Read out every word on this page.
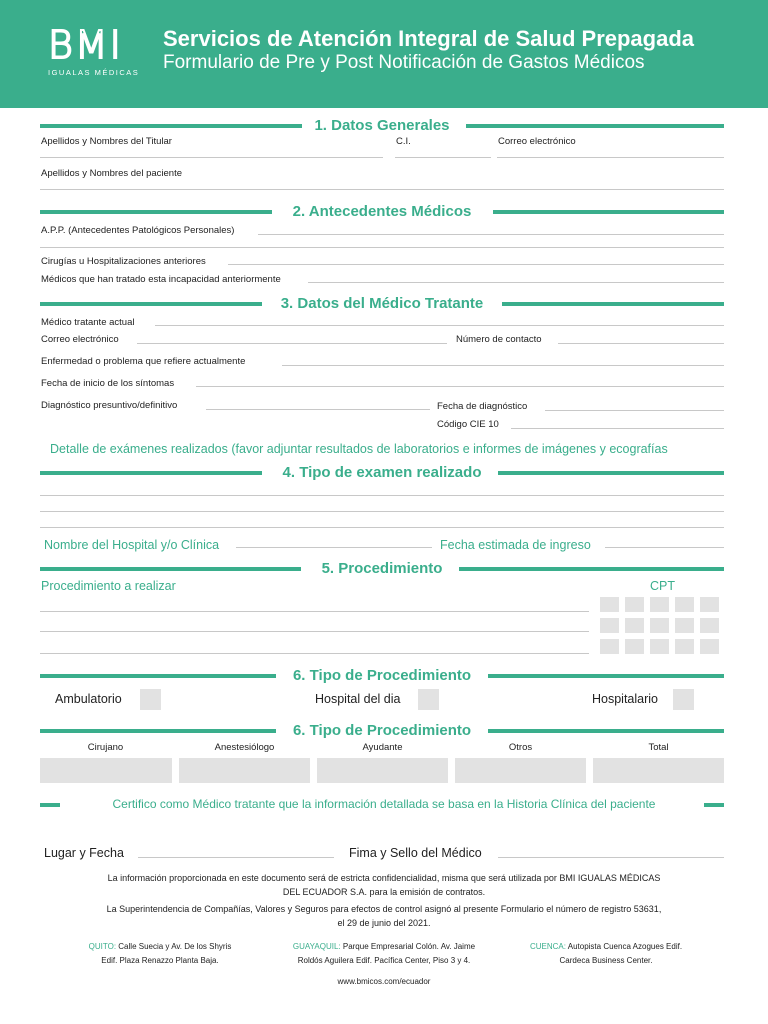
BMI
IGUALAS MÉDICAS
Servicios de Atención Integral de Salud Prepagada
Formulario de Pre y Post Notificación de Gastos Médicos
1. Datos Generales
Apellidos y Nombres del Titular	C.I.	Correo electrónico
Apellidos y Nombres del paciente
2. Antecedentes Médicos
A.P.P. (Antecedentes Patológicos Personales)
Cirugías u Hospitalizaciones anteriores
Médicos que han tratado esta incapacidad anteriormente
3. Datos del Médico Tratante
Médico tratante actual
Correo electrónico	Número de contacto
Enfermedad o problema que refiere actualmente
Fecha de inicio de los síntomas
Diagnóstico presuntivo/definitivo	Fecha de diagnóstico
Código CIE 10
Detalle de exámenes realizados (favor adjuntar resultados de laboratorios e informes de imágenes y ecografías
4. Tipo de examen realizado
Nombre del Hospital y/o Clínica	Fecha estimada de ingreso
5. Procedimiento
Procedimiento a realizar	CPT
6. Tipo de Procedimiento
Ambulatorio	Hospital del dia	Hospitalario
6. Tipo de Procedimiento
Cirujano	Anestesiólogo	Ayudante	Otros	Total
Certifico como Médico tratante que la información detallada se basa en la Historia Clínica del paciente
Lugar y Fecha	Fima y Sello del Médico
La información proporcionada en este documento será de estricta confidencialidad, misma que será utilizada por BMI IGUALAS MÉDICAS
DEL ECUADOR S.A. para la emisión de contratos.
La Superintendencia de Compañías, Valores y Seguros para efectos de control asignó al presente Formulario el número de registro 53631,
el 29 de junio del 2021.
QUITO: Calle Suecia y Av. De los Shyris
Edif. Plaza Renazzo Planta Baja.
GUAYAQUIL: Parque Empresarial Colón. Av. Jaime
Roldós Aguilera Edif. Pacífica Center, Piso 3 y 4.
CUENCA: Autopista Cuenca Azogues Edif.
Cardeca Business Center.
www.bmicos.com/ecuador
